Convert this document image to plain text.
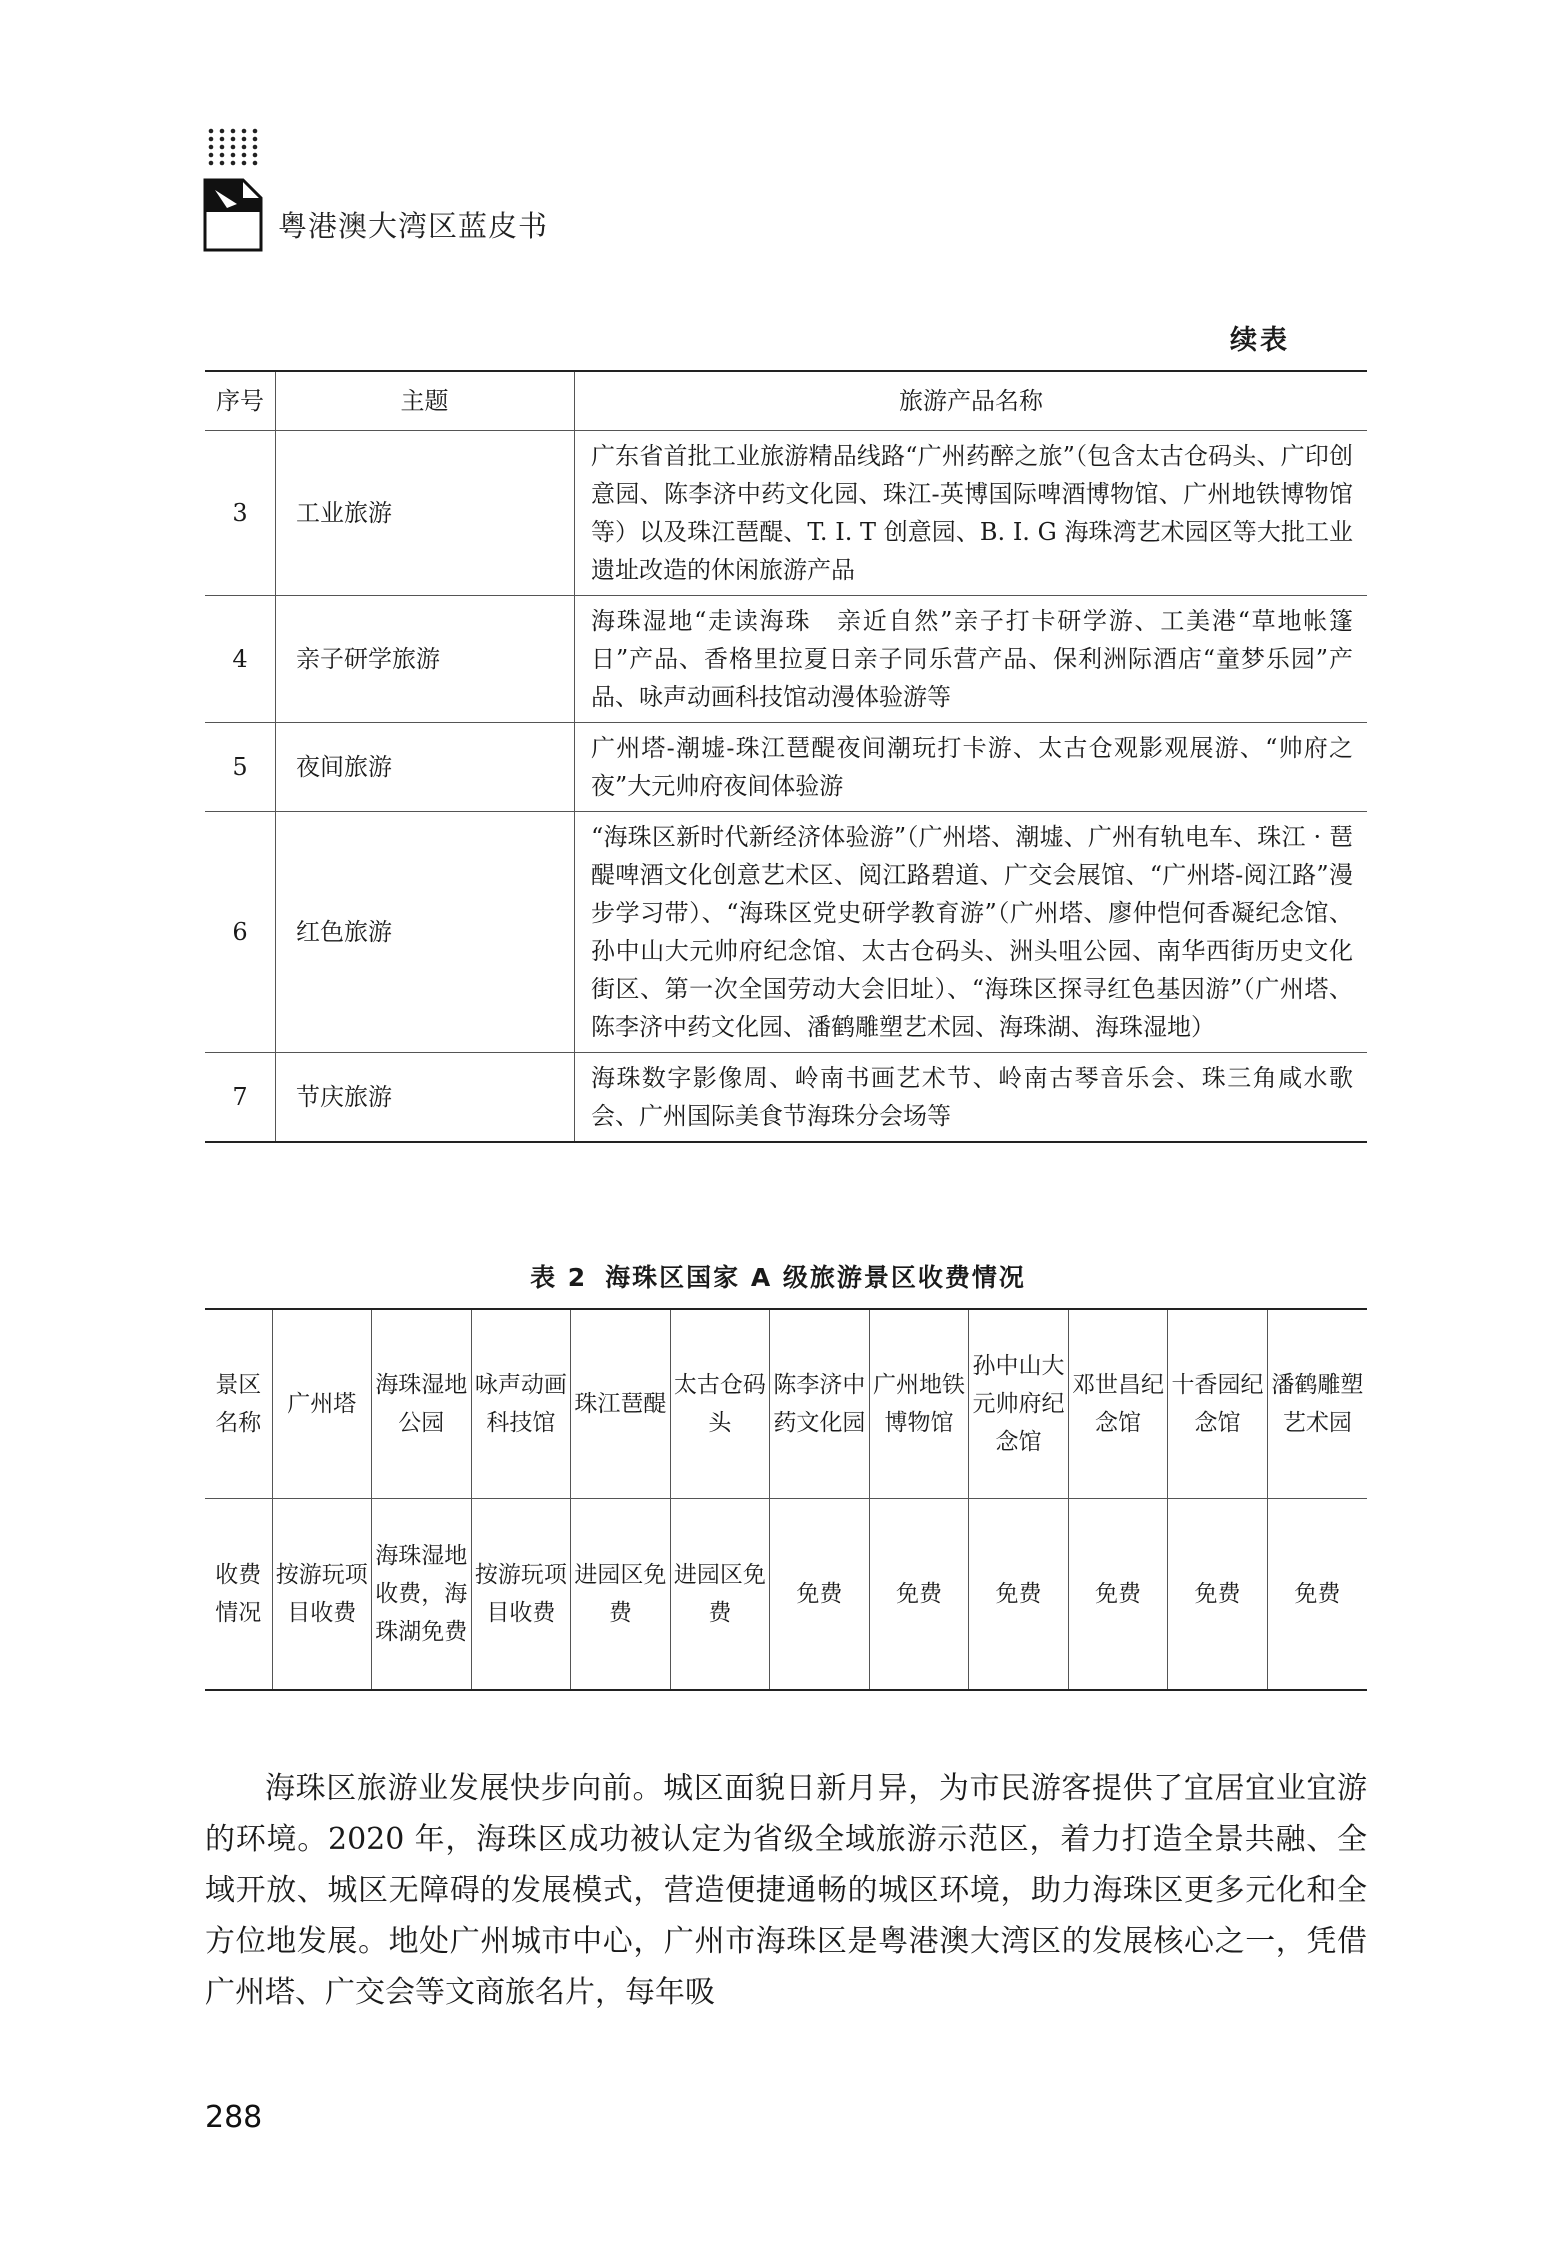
粤港澳大湾区蓝皮书
续表
序号	主题	旅游产品名称
3	工业旅游	广东省首批工业旅游精品线路“广州药醉之旅”（包含太古仓码头、广印创意园、陈李济中药文化园、珠江-英博国际啤酒博物馆、广州地铁博物馆等）以及珠江琶醍、T. I. T 创意园、B. I. G 海珠湾艺术园区等大批工业遗址改造的休闲旅游产品
4	亲子研学旅游	海珠湿地“走读海珠　亲近自然”亲子打卡研学游、工美港“草地帐篷日”产品、香格里拉夏日亲子同乐营产品、保利洲际酒店“童梦乐园”产品、咏声动画科技馆动漫体验游等
5	夜间旅游	广州塔-潮墟-珠江琶醍夜间潮玩打卡游、太古仓观影观展游、“帅府之夜”大元帅府夜间体验游
6	红色旅游	“海珠区新时代新经济体验游”（广州塔、潮墟、广州有轨电车、珠江 · 琶醍啤酒文化创意艺术区、阅江路碧道、广交会展馆、“广州塔-阅江路”漫步学习带）、“海珠区党史研学教育游”（广州塔、廖仲恺何香凝纪念馆、孙中山大元帅府纪念馆、太古仓码头、洲头咀公园、南华西街历史文化街区、第一次全国劳动大会旧址）、“海珠区探寻红色基因游”（广州塔、陈李济中药文化园、潘鹤雕塑艺术园、海珠湖、海珠湿地）
7	节庆旅游	海珠数字影像周、岭南书画艺术节、岭南古琴音乐会、珠三角咸水歌会、广州国际美食节海珠分会场等
表 2 海珠区国家 A 级旅游景区收费情况
景区名称	广州塔	海珠湿地公园	咏声动画科技馆	珠江琶醍	太古仓码头	陈李济中药文化园	广州地铁博物馆	孙中山大元帅府纪念馆	邓世昌纪念馆	十香园纪念馆	潘鹤雕塑艺术园
收费情况	按游玩项目收费	海珠湿地收费，海珠湖免费	按游玩项目收费	进园区免费	进园区免费	免费	免费	免费	免费	免费	免费

海珠区旅游业发展快步向前。城区面貌日新月异，为市民游客提供了宜居宜业宜游的环境。2020 年，海珠区成功被认定为省级全域旅游示范区，着力打造全景共融、全域开放、城区无障碍的发展模式，营造便捷通畅的城区环境，助力海珠区更多元化和全方位地发展。地处广州城市中心，广州市海珠区是粤港澳大湾区的发展核心之一，凭借广州塔、广交会等文商旅名片，每年吸

288
